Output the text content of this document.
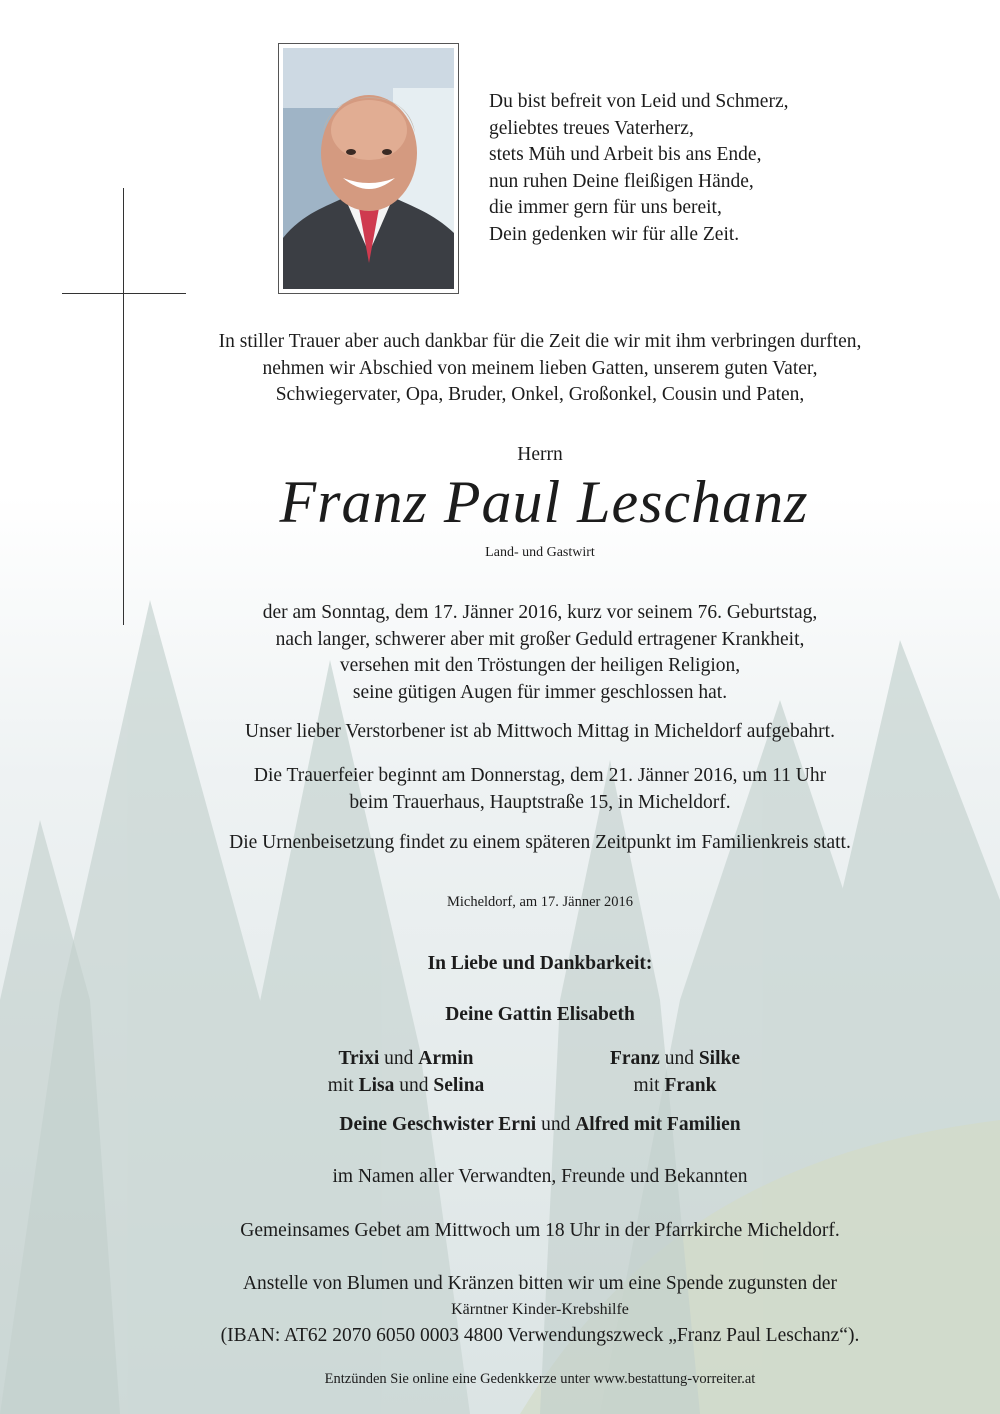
Du bist befreit von Leid und Schmerz,
geliebtes treues Vaterherz,
stets Müh und Arbeit bis ans Ende,
nun ruhen Deine fleißigen Hände,
die immer gern für uns bereit,
Dein gedenken wir für alle Zeit.
In stiller Trauer aber auch dankbar für die Zeit die wir mit ihm verbringen durften,
nehmen wir Abschied von meinem lieben Gatten, unserem guten Vater,
Schwiegervater, Opa, Bruder, Onkel, Großonkel, Cousin und Paten,
Herrn
Franz Paul Leschanz
Land- und Gastwirt
der am Sonntag, dem 17. Jänner 2016, kurz vor seinem 76. Geburtstag,
nach langer, schwerer aber mit großer Geduld ertragener Krankheit,
versehen mit den Tröstungen der heiligen Religion,
seine gütigen Augen für immer geschlossen hat.
Unser lieber Verstorbener ist ab Mittwoch Mittag in Micheldorf aufgebahrt.
Die Trauerfeier beginnt am Donnerstag, dem 21. Jänner 2016, um 11 Uhr
beim Trauerhaus, Hauptstraße 15, in Micheldorf.
Die Urnenbeisetzung findet zu einem späteren Zeitpunkt im Familienkreis statt.
Micheldorf, am 17. Jänner 2016
In Liebe und Dankbarkeit:
Deine Gattin Elisabeth
Trixi und Armin
mit Lisa und Selina
Franz und Silke
mit Frank
Deine Geschwister Erni und Alfred mit Familien
im Namen aller Verwandten, Freunde und Bekannten
Gemeinsames Gebet am Mittwoch um 18 Uhr in der Pfarrkirche Micheldorf.
Anstelle von Blumen und Kränzen bitten wir um eine Spende zugunsten der
Kärntner Kinder-Krebshilfe
(IBAN: AT62 2070 6050 0003 4800 Verwendungszweck „Franz Paul Leschanz“).
Entzünden Sie online eine Gedenkkerze unter www.bestattung-vorreiter.at
